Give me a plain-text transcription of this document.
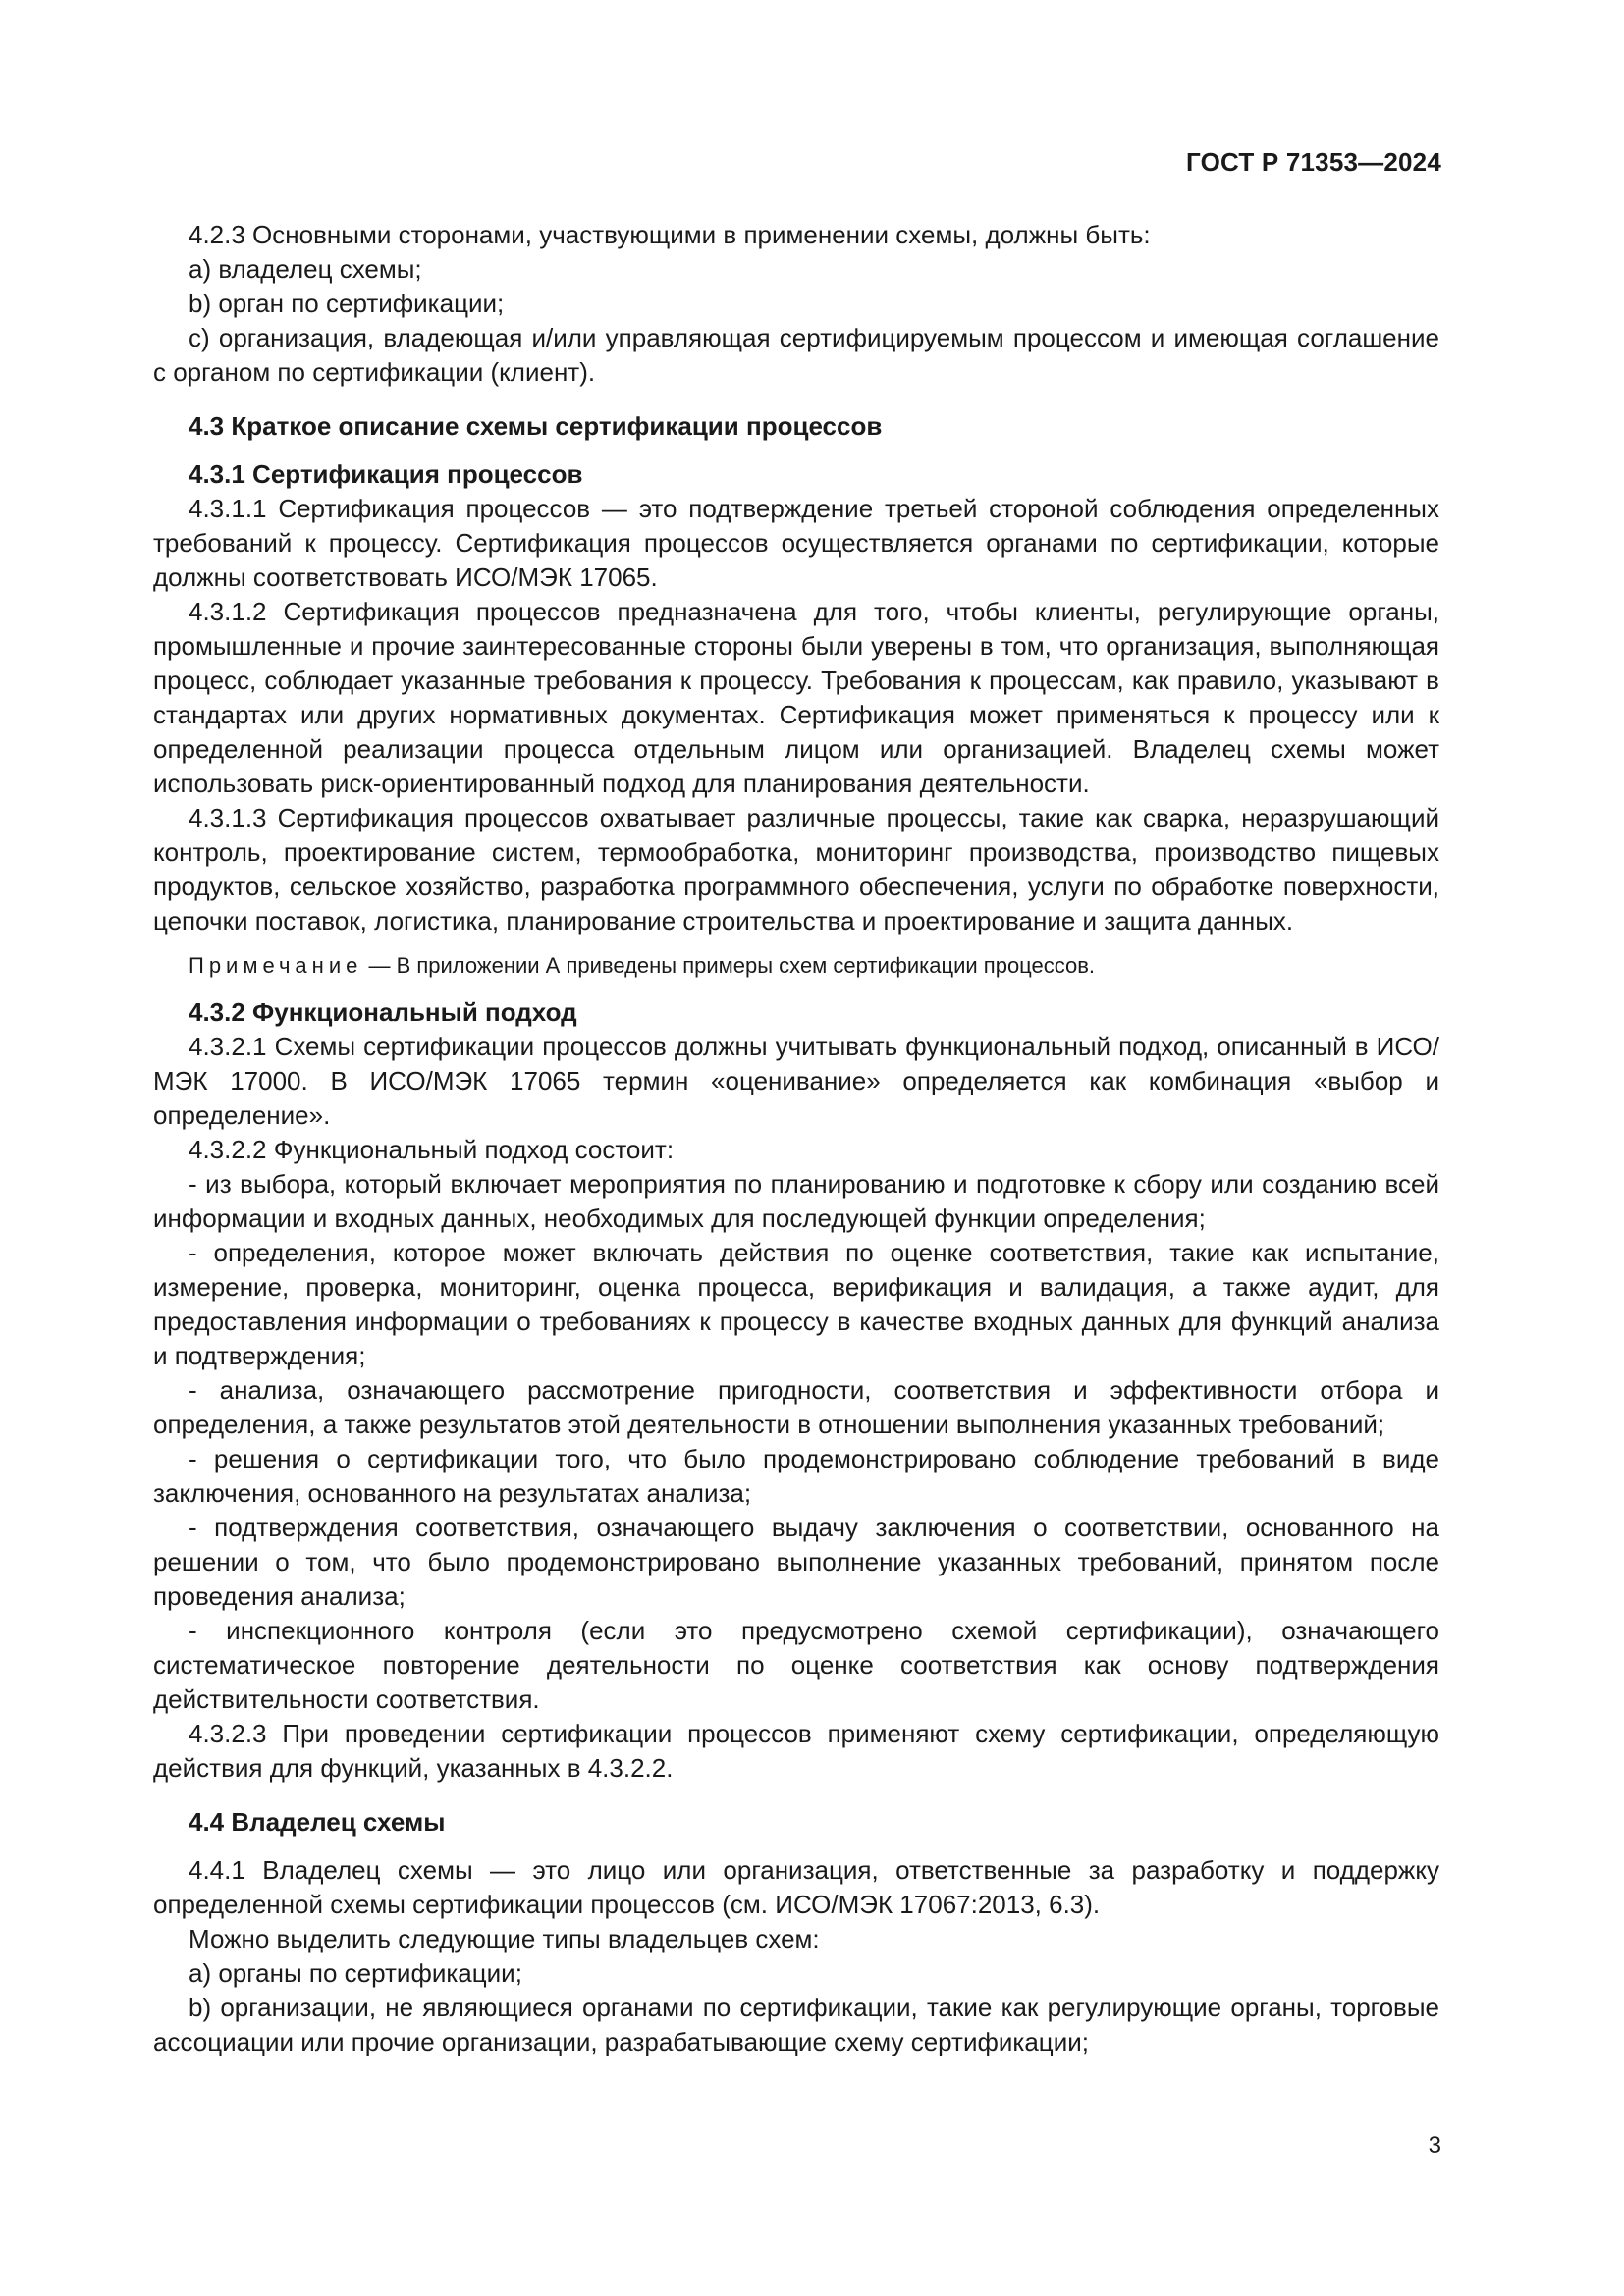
ГОСТ Р 71353—2024

4.2.3 Основными сторонами, участвующими в применении схемы, должны быть:

a) владелец схемы;

b) орган по сертификации;

c) организация, владеющая и/или управляющая сертифицируемым процессом и имеющая соглашение с органом по сертификации (клиент).

4.3 Краткое описание схемы сертификации процессов
4.3.1 Сертификация процессов

4.3.1.1 Сертификация процессов — это подтверждение третьей стороной соблюдения определенных требований к процессу. Сертификация процессов осуществляется органами по сертификации, которые должны соответствовать ИСО/МЭК 17065.

4.3.1.2 Сертификация процессов предназначена для того, чтобы клиенты, регулирующие органы, промышленные и прочие заинтересованные стороны были уверены в том, что организация, выполняющая процесс, соблюдает указанные требования к процессу. Требования к процессам, как правило, указывают в стандартах или других нормативных документах. Сертификация может применяться к процессу или к определенной реализации процесса отдельным лицом или организацией. Владелец схемы может использовать риск-ориентированный подход для планирования деятельности.

4.3.1.3 Сертификация процессов охватывает различные процессы, такие как сварка, неразрушающий контроль, проектирование систем, термообработка, мониторинг производства, производство пищевых продуктов, сельское хозяйство, разработка программного обеспечения, услуги по обработке поверхности, цепочки поставок, логистика, планирование строительства и проектирование и защита данных.

Примечание — В приложении А приведены примеры схем сертификации процессов.
4.3.2 Функциональный подход

4.3.2.1 Схемы сертификации процессов должны учитывать функциональный подход, описанный в ИСО/МЭК 17000. В ИСО/МЭК 17065 термин «оценивание» определяется как комбинация «выбор и определение».

4.3.2.2 Функциональный подход состоит:

- из выбора, который включает мероприятия по планированию и подготовке к сбору или созданию всей информации и входных данных, необходимых для последующей функции определения;

- определения, которое может включать действия по оценке соответствия, такие как испытание, измерение, проверка, мониторинг, оценка процесса, верификация и валидация, а также аудит, для предоставления информации о требованиях к процессу в качестве входных данных для функций анализа и подтверждения;

- анализа, означающего рассмотрение пригодности, соответствия и эффективности отбора и определения, а также результатов этой деятельности в отношении выполнения указанных требований;

- решения о сертификации того, что было продемонстрировано соблюдение требований в виде заключения, основанного на результатах анализа;

- подтверждения соответствия, означающего выдачу заключения о соответствии, основанного на решении о том, что было продемонстрировано выполнение указанных требований, принятом после проведения анализа;

- инспекционного контроля (если это предусмотрено схемой сертификации), означающего систематическое повторение деятельности по оценке соответствия как основу подтверждения действительности соответствия.

4.3.2.3 При проведении сертификации процессов применяют схему сертификации, определяющую действия для функций, указанных в 4.3.2.2.

4.4 Владелец схемы

4.4.1 Владелец схемы — это лицо или организация, ответственные за разработку и поддержку определенной схемы сертификации процессов (см. ИСО/МЭК 17067:2013, 6.3).

Можно выделить следующие типы владельцев схем:

a) органы по сертификации;

b) организации, не являющиеся органами по сертификации, такие как регулирующие органы, торговые ассоциации или прочие организации, разрабатывающие схему сертификации;

3
